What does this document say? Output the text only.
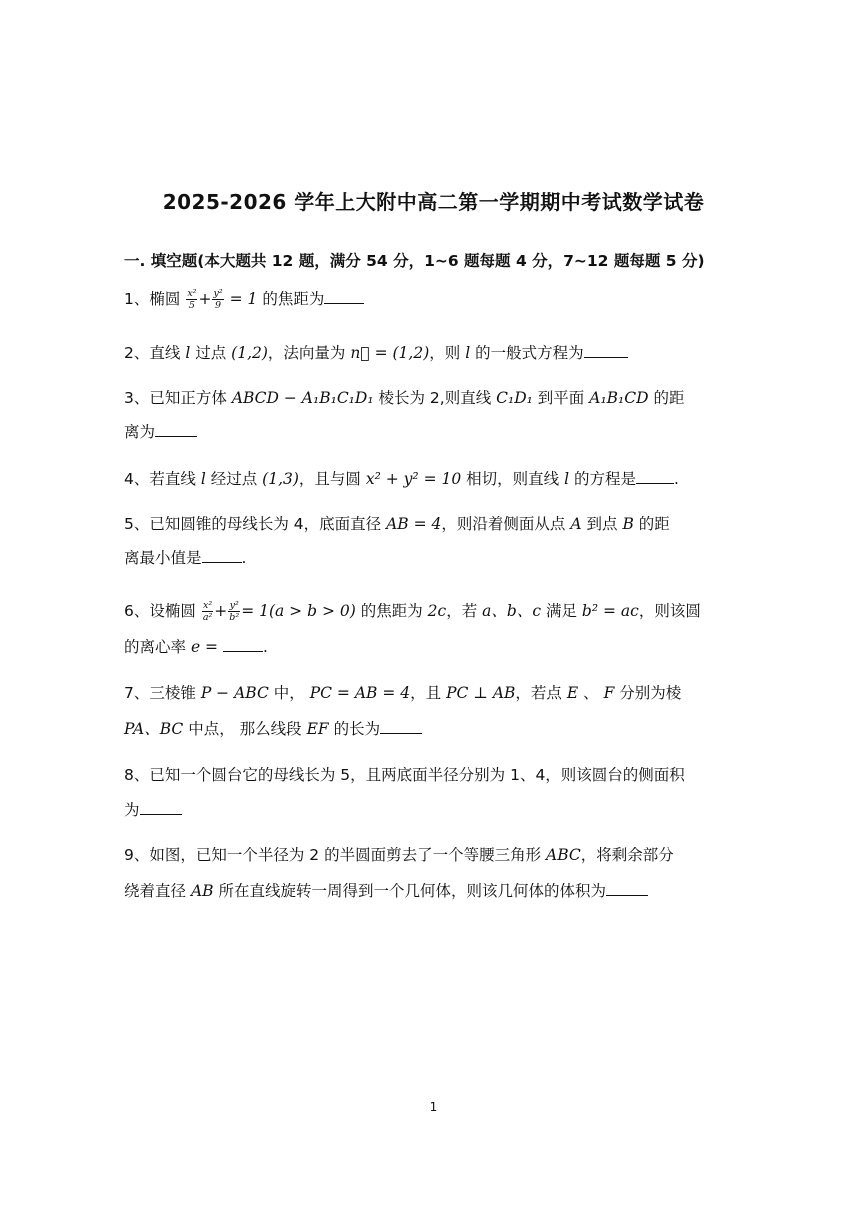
2025-2026 学年上大附中高二第一学期期中考试数学试卷
一. 填空题(本大题共 12 题，满分 54 分，1~6 题每题 4 分，7~12 题每题 5 分)
1、椭圆 $\frac{\text{x²}}{5} + \frac{\text{y²}}{9} = 1$ 的焦距为
2、直线 l 过点 (1,2)，法向量为 n⃗ = (1,2)，则 l 的一般式方程为
3、已知正方体 ABCD − A₁B₁C₁D₁ 棱长为 2,则直线 C₁D₁ 到平面 A₁B₁CD 的距
离为
4、若直线 l 经过点 (1,3)，且与圆 x² + y² = 10 相切，则直线 l 的方程是 .
5、已知圆锥的母线长为 4，底面直径 AB = 4，则沿着侧面从点 A 到点 B 的距
离最小值是	.
6、设椭圆 $\frac{\text{x²}}{\text{a²}} + \frac{\text{y²}}{\text{b²}} = 1(a > b > 0)$ 的焦距为 2c，若 a、b、c 满足 b² = ac，则该圆
的离心率 e =	.
7、三棱锥 P − ABC 中， PC = AB = 4，且 PC ⊥ AB，若点 E 、 F 分别为棱
PA、BC 中点， 那么线段 EF 的长为
8、已知一个圆台它的母线长为 5，且两底面半径分别为 1、4，则该圆台的侧面积
为
9、如图，已知一个半径为 2 的半圆面剪去了一个等腰三角形 ABC，将剩余部分
绕着直径 AB 所在直线旋转一周得到一个几何体，则该几何体的体积为
1
